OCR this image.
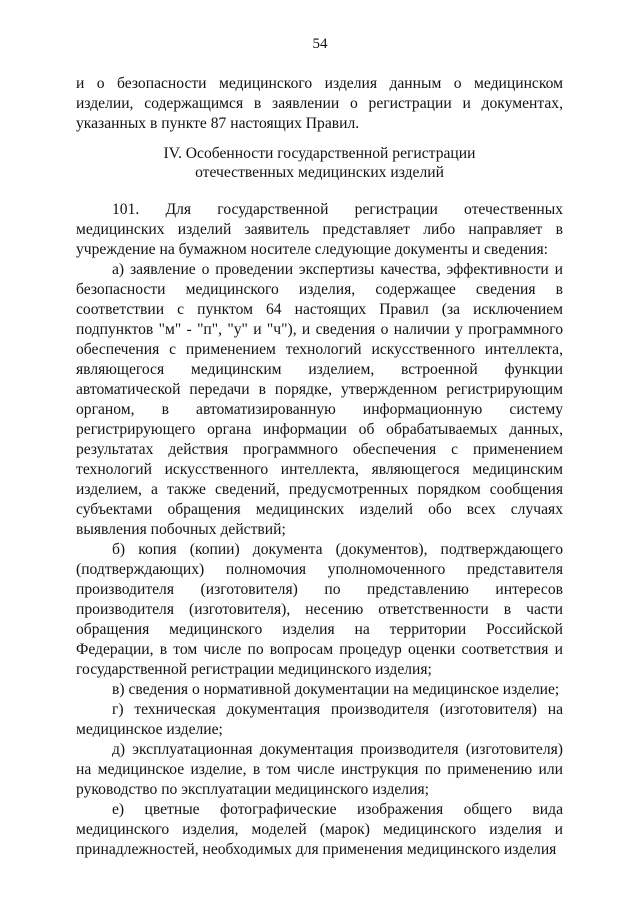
54

и о безопасности медицинского изделия данным о медицинском изделии, содержащимся в заявлении о регистрации и документах, указанных в пункте 87 настоящих Правил.

IV. Особенности государственной регистрации
отечественных медицинских изделий

101. Для государственной регистрации отечественных медицинских изделий заявитель представляет либо направляет в учреждение на бумажном носителе следующие документы и сведения:

а) заявление о проведении экспертизы качества, эффективности и безопасности медицинского изделия, содержащее сведения в соответствии с пунктом 64 настоящих Правил (за исключением подпунктов "м" - "п", "у" и "ч"), и сведения о наличии у программного обеспечения с применением технологий искусственного интеллекта, являющегося медицинским изделием, встроенной функции автоматической передачи в порядке, утвержденном регистрирующим органом, в автоматизированную информационную систему регистрирующего органа информации об обрабатываемых данных, результатах действия программного обеспечения с применением технологий искусственного интеллекта, являющегося медицинским изделием, а также сведений, предусмотренных порядком сообщения субъектами обращения медицинских изделий обо всех случаях выявления побочных действий;

б) копия (копии) документа (документов), подтверждающего (подтверждающих) полномочия уполномоченного представителя производителя (изготовителя) по представлению интересов производителя (изготовителя), несению ответственности в части обращения медицинского изделия на территории Российской Федерации, в том числе по вопросам процедур оценки соответствия и государственной регистрации медицинского изделия;

в) сведения о нормативной документации на медицинское изделие;

г) техническая документация производителя (изготовителя) на медицинское изделие;

д) эксплуатационная документация производителя (изготовителя) на медицинское изделие, в том числе инструкция по применению или руководство по эксплуатации медицинского изделия;

е) цветные фотографические изображения общего вида медицинского изделия, моделей (марок) медицинского изделия и принадлежностей, необходимых для применения медицинского изделия
